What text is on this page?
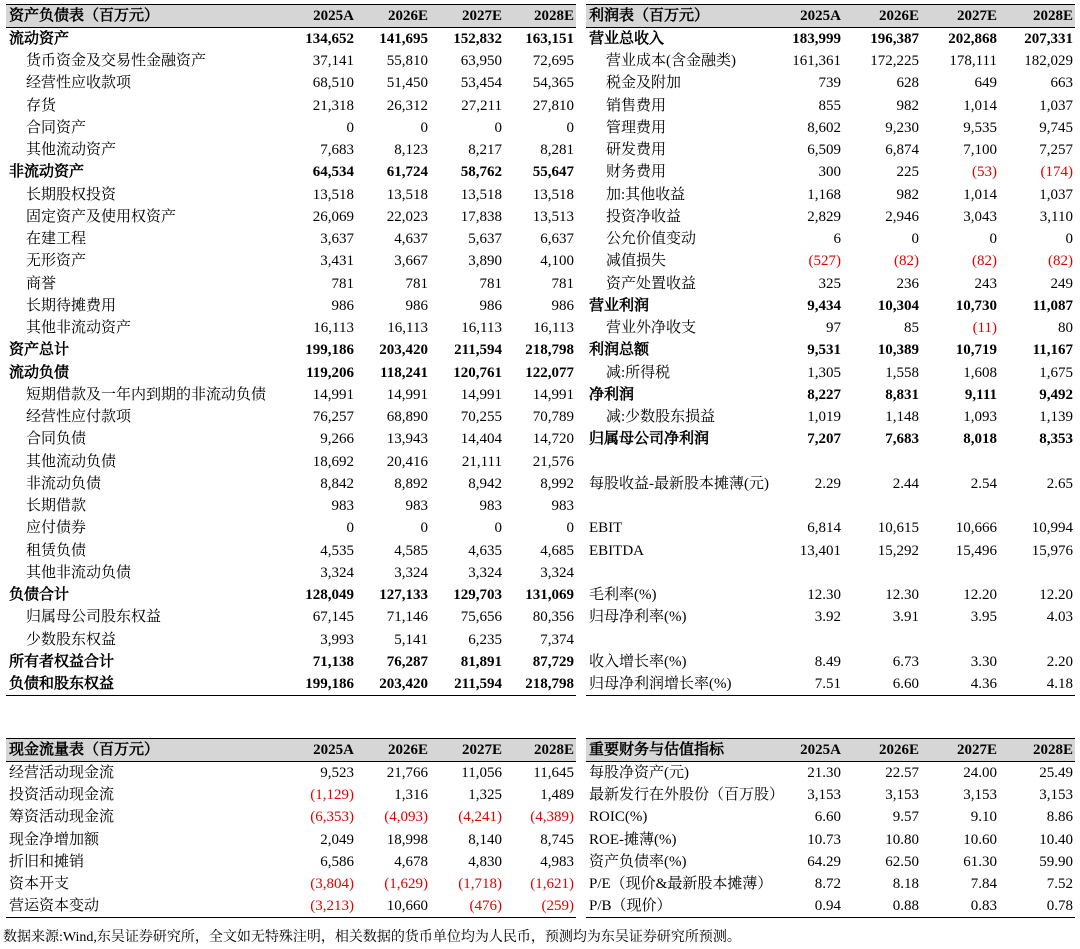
资产负债表（百万元）	2025A	2026E	2027E	2028E
流动资产	134,652	141,695	152,832	163,151
货币资金及交易性金融资产	37,141	55,810	63,950	72,695
经营性应收款项	68,510	51,450	53,454	54,365
存货	21,318	26,312	27,211	27,810
合同资产	0	0	0	0
其他流动资产	7,683	8,123	8,217	8,281
非流动资产	64,534	61,724	58,762	55,647
长期股权投资	13,518	13,518	13,518	13,518
固定资产及使用权资产	26,069	22,023	17,838	13,513
在建工程	3,637	4,637	5,637	6,637
无形资产	3,431	3,667	3,890	4,100
商誉	781	781	781	781
长期待摊费用	986	986	986	986
其他非流动资产	16,113	16,113	16,113	16,113
资产总计	199,186	203,420	211,594	218,798
流动负债	119,206	118,241	120,761	122,077
短期借款及一年内到期的非流动负债	14,991	14,991	14,991	14,991
经营性应付款项	76,257	68,890	70,255	70,789
合同负债	9,266	13,943	14,404	14,720
其他流动负债	18,692	20,416	21,111	21,576
非流动负债	8,842	8,892	8,942	8,992
长期借款	983	983	983	983
应付债券	0	0	0	0
租赁负债	4,535	4,585	4,635	4,685
其他非流动负债	3,324	3,324	3,324	3,324
负债合计	128,049	127,133	129,703	131,069
归属母公司股东权益	67,145	71,146	75,656	80,356
少数股东权益	3,993	5,141	6,235	7,374
所有者权益合计	71,138	76,287	81,891	87,729
负债和股东权益	199,186	203,420	211,594	218,798
利润表（百万元）	2025A	2026E	2027E	2028E
营业总收入	183,999	196,387	202,868	207,331
营业成本(含金融类)	161,361	172,225	178,111	182,029
税金及附加	739	628	649	663
销售费用	855	982	1,014	1,037
管理费用	8,602	9,230	9,535	9,745
研发费用	6,509	6,874	7,100	7,257
财务费用	300	225	(53)	(174)
加:其他收益	1,168	982	1,014	1,037
投资净收益	2,829	2,946	3,043	3,110
公允价值变动	6	0	0	0
减值损失	(527)	(82)	(82)	(82)
资产处置收益	325	236	243	249
营业利润	9,434	10,304	10,730	11,087
营业外净收支	97	85	(11)	80
利润总额	9,531	10,389	10,719	11,167
减:所得税	1,305	1,558	1,608	1,675
净利润	8,227	8,831	9,111	9,492
减:少数股东损益	1,019	1,148	1,093	1,139
归属母公司净利润	7,207	7,683	8,018	8,353

每股收益-最新股本摊薄(元)	2.29	2.44	2.54	2.65

EBIT	6,814	10,615	10,666	10,994
EBITDA	13,401	15,292	15,496	15,976

毛利率(%)	12.30	12.30	12.20	12.20
归母净利率(%)	3.92	3.91	3.95	4.03

收入增长率(%)	8.49	6.73	3.30	2.20
归母净利润增长率(%)	7.51	6.60	4.36	4.18
现金流量表（百万元）	2025A	2026E	2027E	2028E
经营活动现金流	9,523	21,766	11,056	11,645
投资活动现金流	(1,129)	1,316	1,325	1,489
筹资活动现金流	(6,353)	(4,093)	(4,241)	(4,389)
现金净增加额	2,049	18,998	8,140	8,745
折旧和摊销	6,586	4,678	4,830	4,983
资本开支	(3,804)	(1,629)	(1,718)	(1,621)
营运资本变动	(3,213)	10,660	(476)	(259)
重要财务与估值指标	2025A	2026E	2027E	2028E
每股净资产(元)	21.30	22.57	24.00	25.49
最新发行在外股份（百万股）	3,153	3,153	3,153	3,153
ROIC(%)	6.60	9.57	9.10	8.86
ROE-摊薄(%)	10.73	10.80	10.60	10.40
资产负债率(%)	64.29	62.50	61.30	59.90
P/E（现价&最新股本摊薄）	8.72	8.18	7.84	7.52
P/B（现价）	0.94	0.88	0.83	0.78
数据来源:Wind,东吴证券研究所，全文如无特殊注明，相关数据的货币单位均为人民币，预测均为东吴证券研究所预测。
